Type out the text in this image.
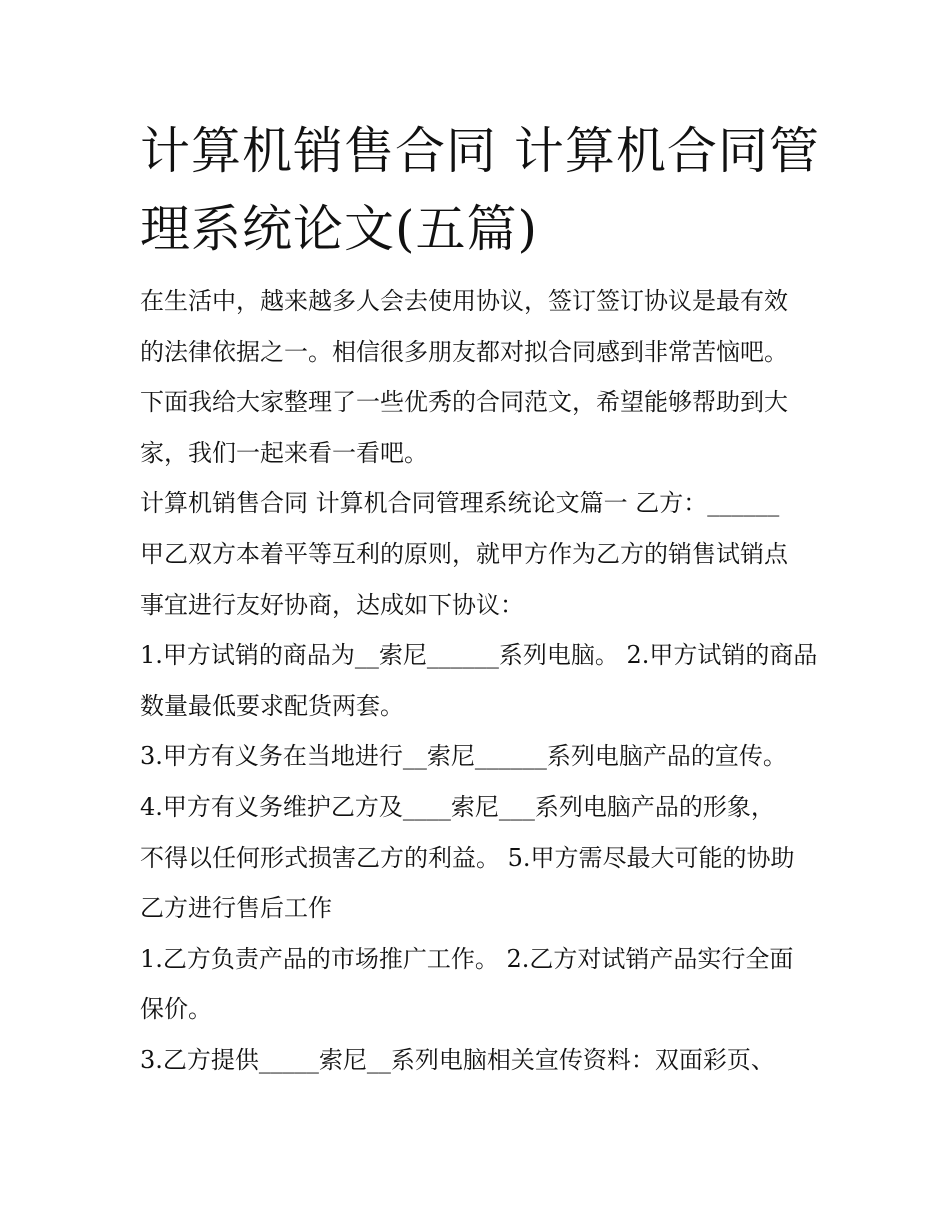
计算机销售合同 计算机合同管
理系统论文(五篇)
在生活中，越来越多人会去使用协议，签订签订协议是最有效
的法律依据之一。相信很多朋友都对拟合同感到非常苦恼吧。
下面我给大家整理了一些优秀的合同范文，希望能够帮助到大
家，我们一起来看一看吧。
计算机销售合同 计算机合同管理系统论文篇一 乙方：______
甲乙双方本着平等互利的原则，就甲方作为乙方的销售试销点
事宜进行友好协商，达成如下协议：
1.甲方试销的商品为__索尼______系列电脑。 2.甲方试销的商品
数量最低要求配货两套。
3.甲方有义务在当地进行__索尼______系列电脑产品的宣传。
4.甲方有义务维护乙方及____索尼___系列电脑产品的形象，
不得以任何形式损害乙方的利益。 5.甲方需尽最大可能的协助
乙方进行售后工作
1.乙方负责产品的市场推广工作。 2.乙方对试销产品实行全面
保价。
3.乙方提供_____索尼__系列电脑相关宣传资料：双面彩页、
